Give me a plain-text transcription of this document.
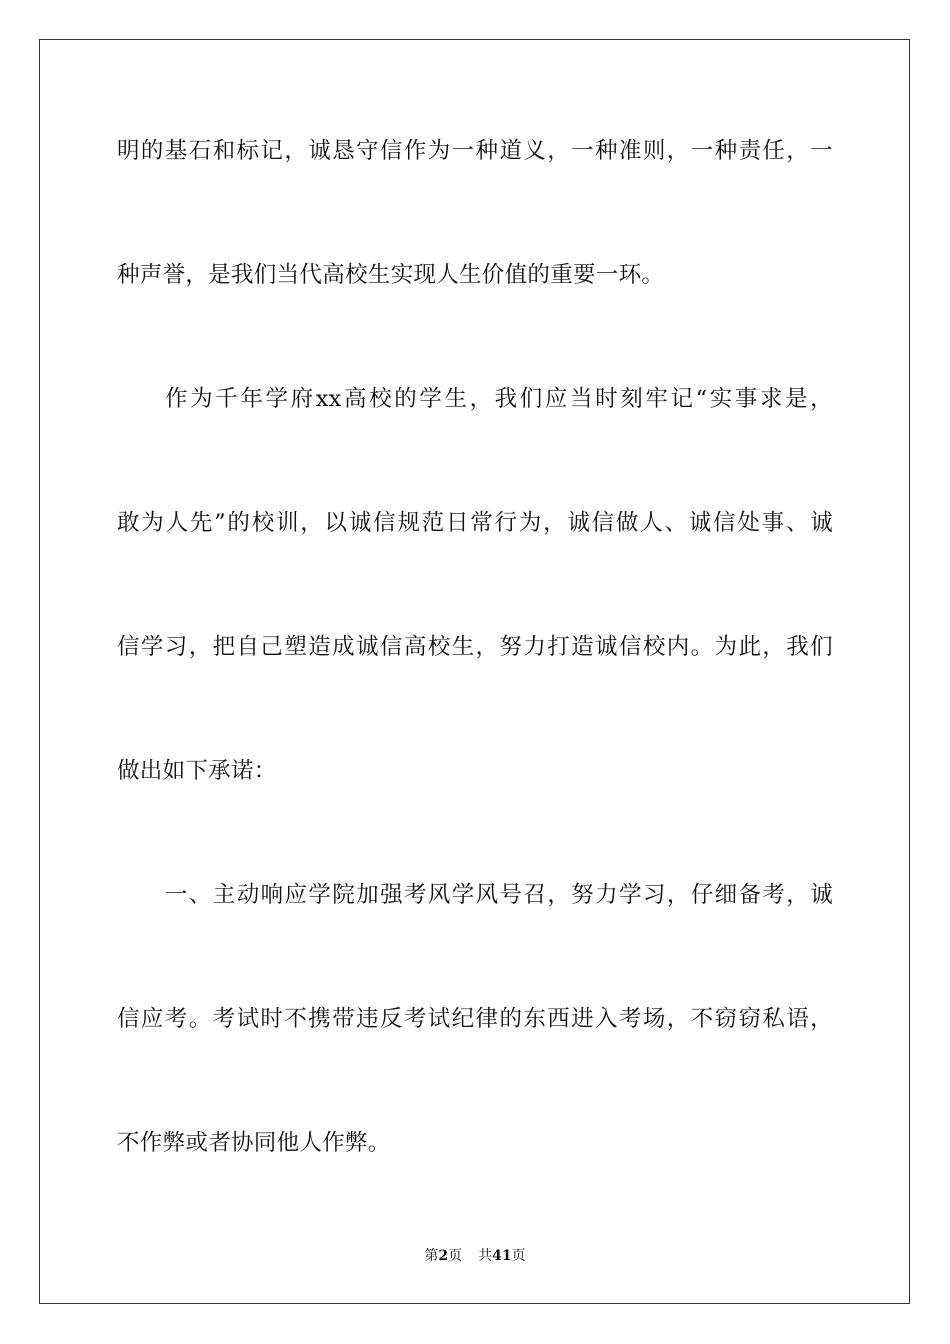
明的基石和标记，诚恳守信作为一种道义，一种准则，一种责任，一
种声誉，是我们当代高校生实现人生价值的重要一环。
作为千年学府xx高校的学生，我们应当时刻牢记“实事求是，
敢为人先”的校训，以诚信规范日常行为，诚信做人、诚信处事、诚
信学习，把自己塑造成诚信高校生，努力打造诚信校内。为此，我们
做出如下承诺：
一、主动响应学院加强考风学风号召，努力学习，仔细备考，诚
信应考。考试时不携带违反考试纪律的东西进入考场，不窃窃私语，
不作弊或者协同他人作弊。
第2页 共41页
